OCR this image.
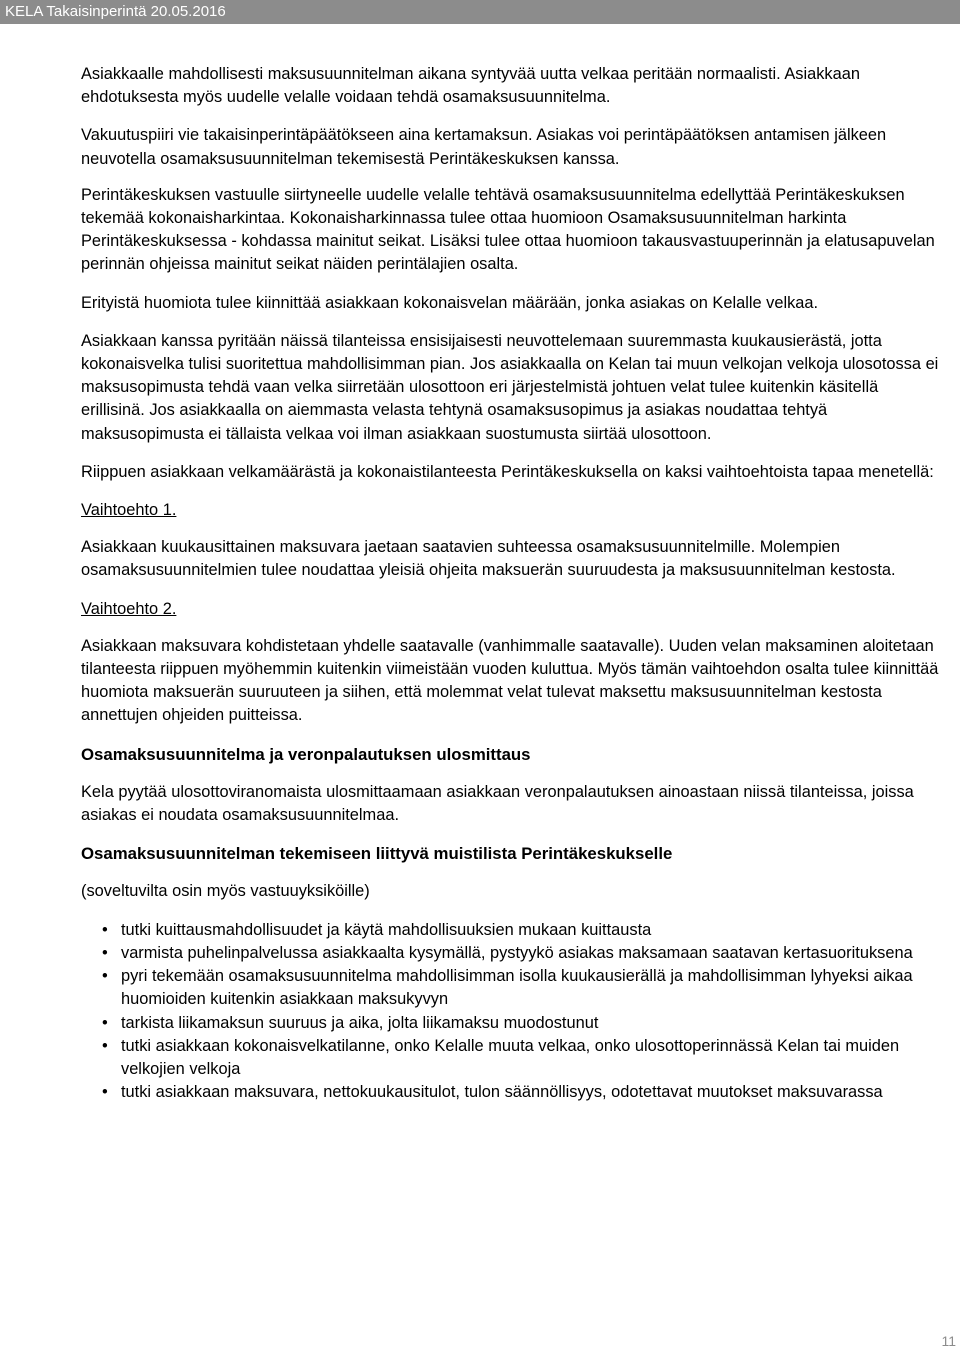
KELA Takaisinperintä 20.05.2016

Asiakkaalle mahdollisesti maksusuunnitelman aikana syntyvää uutta velkaa peritään normaalisti. Asiakkaan ehdotuksesta myös uudelle velalle voidaan tehdä osamaksusuunnitelma.

Vakuutuspiiri vie takaisinperintäpäätökseen aina kertamaksun. Asiakas voi perintäpäätöksen antamisen jälkeen neuvotella osamaksusuunnitelman tekemisestä Perintäkeskuksen kanssa.

Perintäkeskuksen vastuulle siirtyneelle uudelle velalle tehtävä osamaksusuunnitelma edellyttää Perintäkeskuksen tekemää kokonaisharkintaa. Kokonaisharkinnassa tulee ottaa huomioon Osamaksusuunnitelman harkinta Perintäkeskuksessa - kohdassa mainitut seikat. Lisäksi tulee ottaa huomioon takausvastuuperinnän ja elatusapuvelan perinnän ohjeissa mainitut seikat näiden perintälajien osalta.

Erityistä huomiota tulee kiinnittää asiakkaan kokonaisvelan määrään, jonka asiakas on Kelalle velkaa.

Asiakkaan kanssa pyritään näissä tilanteissa ensisijaisesti neuvottelemaan suuremmasta kuukausierästä, jotta kokonaisvelka tulisi suoritettua mahdollisimman pian. Jos asiakkaalla on Kelan tai muun velkojan velkoja ulosotossa ei maksusopimusta tehdä vaan velka siirretään ulosottoon eri järjestelmistä johtuen velat tulee kuitenkin käsitellä erillisinä. Jos asiakkaalla on aiemmasta velasta tehtynä osamaksusopimus ja asiakas noudattaa tehtyä maksusopimusta ei tällaista velkaa voi ilman asiakkaan suostumusta siirtää ulosottoon.

Riippuen asiakkaan velkamäärästä ja kokonaistilanteesta Perintäkeskuksella on kaksi vaihtoehtoista tapaa menetellä:

Vaihtoehto 1.

Asiakkaan kuukausittainen maksuvara jaetaan saatavien suhteessa osamaksusuunnitelmille. Molempien osamaksusuunnitelmien tulee noudattaa yleisiä ohjeita maksuerän suuruudesta ja maksusuunnitelman kestosta.

Vaihtoehto 2.

Asiakkaan maksuvara kohdistetaan yhdelle saatavalle (vanhimmalle saatavalle). Uuden velan maksaminen aloitetaan tilanteesta riippuen myöhemmin kuitenkin viimeistään vuoden kuluttua. Myös tämän vaihtoehdon osalta tulee kiinnittää huomiota maksuerän suuruuteen ja siihen, että molemmat velat tulevat maksettu maksusuunnitelman kestosta annettujen ohjeiden puitteissa.

Osamaksusuunnitelma ja veronpalautuksen ulosmittaus

Kela pyytää ulosottoviranomaista ulosmittaamaan asiakkaan veronpalautuksen ainoastaan niissä tilanteissa, joissa asiakas ei noudata osamaksusuunnitelmaa.

Osamaksusuunnitelman tekemiseen liittyvä muistilista Perintäkeskukselle

(soveltuvilta osin myös vastuuyksiköille)

• tutki kuittausmahdollisuudet ja käytä mahdollisuuksien mukaan kuittausta
• varmista puhelinpalvelussa asiakkaalta kysymällä, pystyykö asiakas maksamaan saatavan kertasuorituksena
• pyri tekemään osamaksusuunnitelma mahdollisimman isolla kuukausierällä ja mahdollisimman lyhyeksi aikaa huomioiden kuitenkin asiakkaan maksukyvyn
• tarkista liikamaksun suuruus ja aika, jolta liikamaksu muodostunut
• tutki asiakkaan kokonaisvelkatilanne, onko Kelalle muuta velkaa, onko ulosottoperinnässä Kelan tai muiden velkojien velkoja
• tutki asiakkaan maksuvara, nettokuukausitulot, tulon säännöllisyys, odotettavat muutokset maksuvarassa
11
